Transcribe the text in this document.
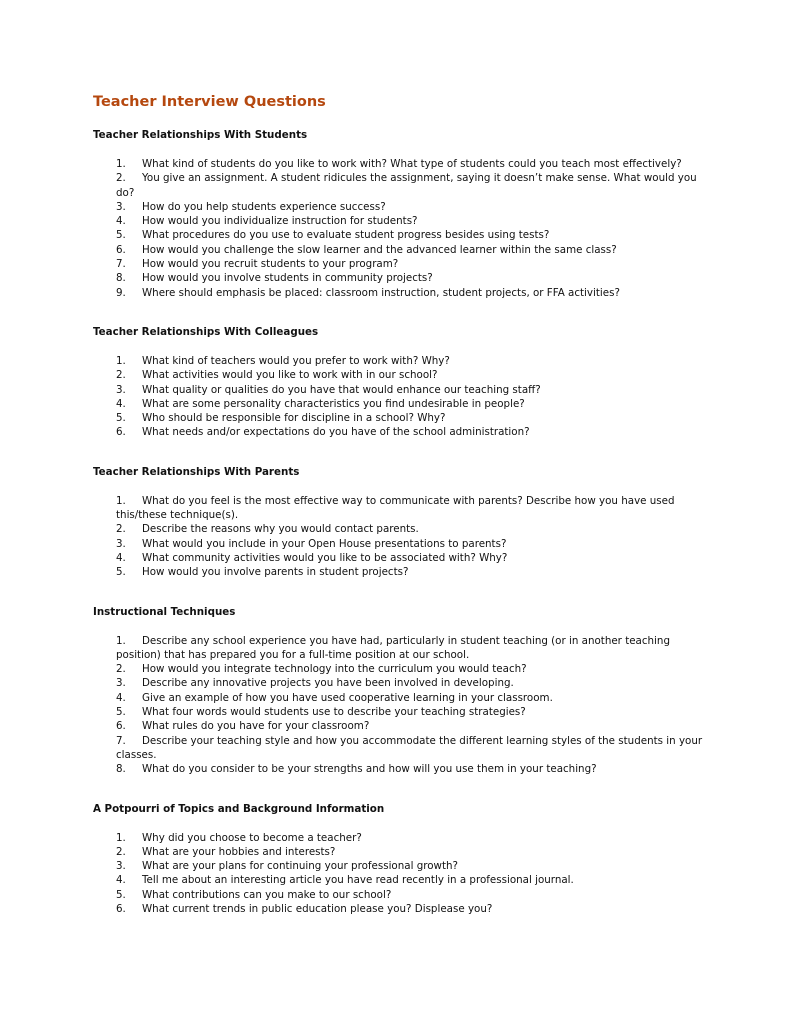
Teacher Interview Questions
Teacher Relationships With Students
1. What kind of students do you like to work with? What type of students could you teach most effectively?
2. You give an assignment. A student ridicules the assignment, saying it doesn’t make sense. What would you do?
3. How do you help students experience success?
4. How would you individualize instruction for students?
5. What procedures do you use to evaluate student progress besides using tests?
6. How would you challenge the slow learner and the advanced learner within the same class?
7. How would you recruit students to your program?
8. How would you involve students in community projects?
9. Where should emphasis be placed: classroom instruction, student projects, or FFA activities?
Teacher Relationships With Colleagues
1. What kind of teachers would you prefer to work with? Why?
2. What activities would you like to work with in our school?
3. What quality or qualities do you have that would enhance our teaching staff?
4. What are some personality characteristics you find undesirable in people?
5. Who should be responsible for discipline in a school? Why?
6. What needs and/or expectations do you have of the school administration?
Teacher Relationships With Parents
1. What do you feel is the most effective way to communicate with parents? Describe how you have used this/these technique(s).
2. Describe the reasons why you would contact parents.
3. What would you include in your Open House presentations to parents?
4. What community activities would you like to be associated with? Why?
5. How would you involve parents in student projects?
Instructional Techniques
1. Describe any school experience you have had, particularly in student teaching (or in another teaching position) that has prepared you for a full-time position at our school.
2. How would you integrate technology into the curriculum you would teach?
3. Describe any innovative projects you have been involved in developing.
4. Give an example of how you have used cooperative learning in your classroom.
5. What four words would students use to describe your teaching strategies?
6. What rules do you have for your classroom?
7. Describe your teaching style and how you accommodate the different learning styles of the students in your classes.
8. What do you consider to be your strengths and how will you use them in your teaching?
A Potpourri of Topics and Background Information
1. Why did you choose to become a teacher?
2. What are your hobbies and interests?
3. What are your plans for continuing your professional growth?
4. Tell me about an interesting article you have read recently in a professional journal.
5. What contributions can you make to our school?
6. What current trends in public education please you? Displease you?
